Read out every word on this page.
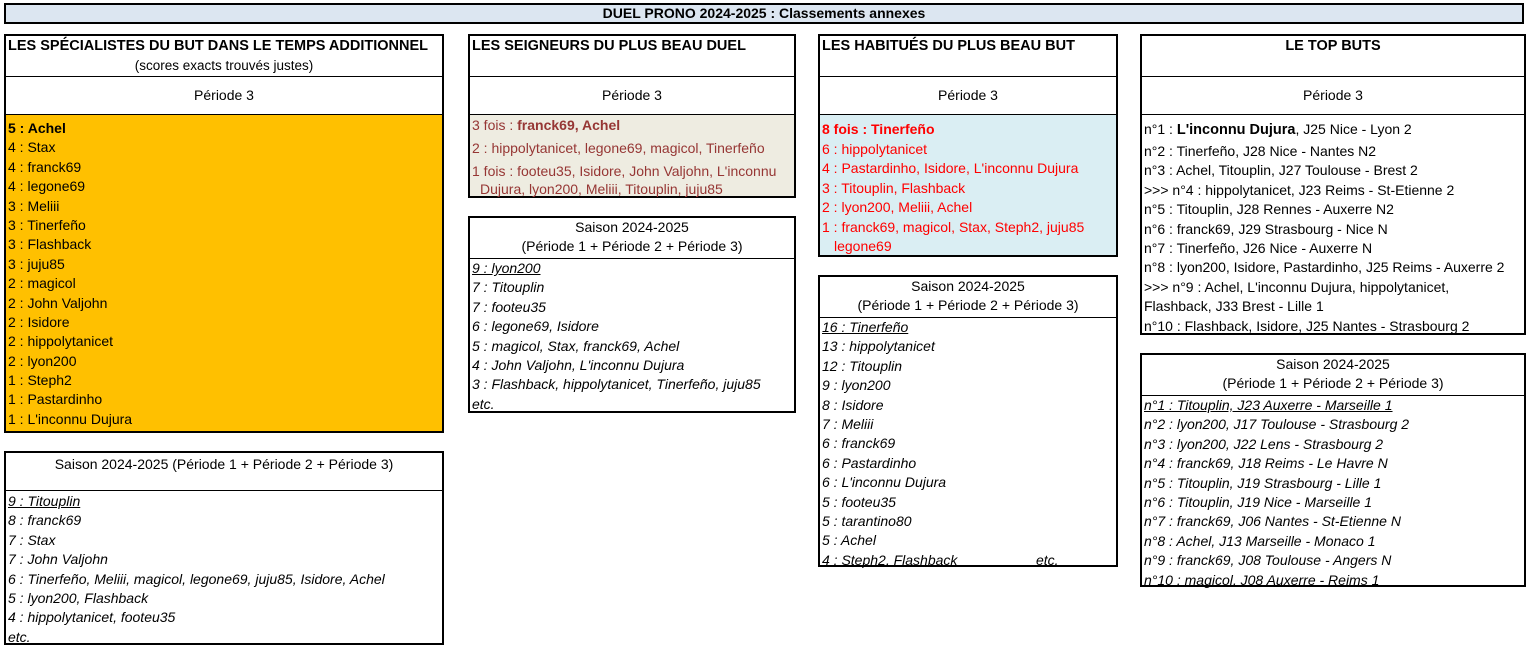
DUEL PRONO 2024-2025 : Classements annexes
LES SPÉCIALISTES DU BUT DANS LE TEMPS ADDITIONNEL
(scores exacts trouvés justes)
Période 3
5 : Achel
4 : Stax
4 : franck69
4 : legone69
3 : Meliii
3 : Tinerfeño
3 : Flashback
3 : juju85
2 : magicol
2 : John Valjohn
2 : Isidore
2 : hippolytanicet
2 : lyon200
1 : Steph2
1 : Pastardinho
1 : L'inconnu Dujura
Saison 2024-2025 (Période 1 + Période 2 + Période 3)
9 : Titouplin
8 : franck69
7 : Stax
7 : John Valjohn
6 : Tinerfeño, Meliii, magicol, legone69, juju85, Isidore, Achel
5 : lyon200, Flashback
4 : hippolytanicet, footeu35
etc.
LES SEIGNEURS DU PLUS BEAU DUEL
Période 3
3 fois : franck69, Achel
2 : hippolytanicet, legone69, magicol, Tinerfeño
1 fois : footeu35, Isidore, John Valjohn, L'inconnu
Dujura, lyon200, Meliii, Titouplin, juju85
Saison 2024-2025
(Période 1 + Période 2 + Période 3)
9 : lyon200
7 : Titouplin
7 : footeu35
6 : legone69, Isidore
5 : magicol, Stax, franck69, Achel
4 : John Valjohn, L'inconnu Dujura
3 : Flashback, hippolytanicet, Tinerfeño, juju85
etc.
LES HABITUÉS DU PLUS BEAU BUT
Période 3
8 fois : Tinerfeño
6 : hippolytanicet
4 : Pastardinho, Isidore, L'inconnu Dujura
3 : Titouplin, Flashback
2 : lyon200, Meliii, Achel
1 : franck69, magicol, Stax, Steph2, juju85
legone69
Saison 2024-2025
(Période 1 + Période 2 + Période 3)
16 : Tinerfeño
13 : hippolytanicet
12 : Titouplin
9 : lyon200
8 : Isidore
7 : Meliii
6 : franck69
6 : Pastardinho
6 : L'inconnu Dujura
5 : footeu35
5 : tarantino80
5 : Achel
4 : Steph2, Flashback	etc.
LE TOP BUTS
Période 3
n°1 : L'inconnu Dujura, J25 Nice - Lyon 2
n°2 : Tinerfeño, J28 Nice - Nantes N2
n°3 : Achel, Titouplin, J27 Toulouse - Brest 2
>>> n°4 : hippolytanicet, J23 Reims - St-Etienne 2
n°5 : Titouplin, J28 Rennes - Auxerre N2
n°6 : franck69, J29 Strasbourg - Nice N
n°7 : Tinerfeño, J26 Nice - Auxerre N
n°8 : lyon200, Isidore, Pastardinho, J25 Reims - Auxerre 2
>>> n°9 : Achel, L'inconnu Dujura, hippolytanicet,
Flashback, J33 Brest - Lille 1
n°10 : Flashback, Isidore, J25 Nantes - Strasbourg 2
Saison 2024-2025
(Période 1 + Période 2 + Période 3)
n°1 : Titouplin, J23 Auxerre - Marseille 1
n°2 : lyon200, J17 Toulouse - Strasbourg 2
n°3 : lyon200, J22 Lens - Strasbourg 2
n°4 : franck69, J18 Reims - Le Havre N
n°5 : Titouplin, J19 Strasbourg - Lille 1
n°6 : Titouplin, J19 Nice - Marseille 1
n°7 : franck69, J06 Nantes - St-Etienne N
n°8 : Achel, J13 Marseille - Monaco 1
n°9 : franck69, J08 Toulouse - Angers N
n°10 : magicol, J08 Auxerre - Reims 1
